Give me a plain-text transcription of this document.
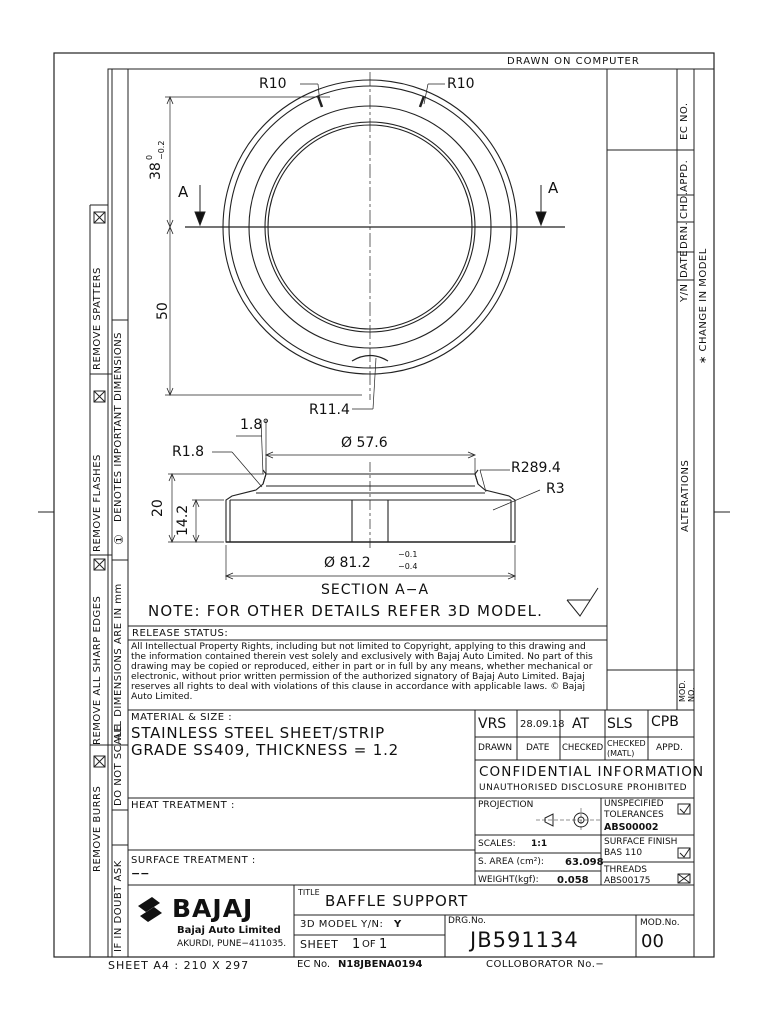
DRAWN ON COMPUTER
REMOVE SPATTERS
REMOVE FLASHES
REMOVE ALL SHARP EDGES
REMOVE BURRS
DENOTES IMPORTANT DIMENSIONS
①
ALL DIMENSIONS ARE IN mm
DO NOT SCALE
IF IN DOUBT ASK
EC NO.
APPD.
CHD.
DRN.
DATE
Y/N ∗ CHANGE IN MODEL
ALTERATIONS
MOD. NO.
R10	R10
38
0 −0.2
A	A
50
R11.4
1.8°
R1.8
Ø 57.6
R289.4
R3
20 14.2
Ø 81.2
−0.1
−0.4
SECTION A−A
NOTE: FOR OTHER DETAILS REFER 3D MODEL.
RELEASE STATUS:
All Intellectual Property Rights, including but not limited to Copyright, applying to this drawing and the information contained therein vest solely and exclusively with Bajaj Auto Limited. No part of this drawing may be copied or reproduced, either in part or in full by any means, whether mechanical or electronic, without prior written permission of the authorized signatory of Bajaj Auto Limited. Bajaj reserves all rights to deal with violations of this clause in accordance with applicable laws. © Bajaj Auto Limited.
MATERIAL & SIZE :
STAINLESS STEEL SHEET/STRIP
GRADE SS409, THICKNESS = 1.2
HEAT TREATMENT :
SURFACE TREATMENT :
−−
VRS 28.09.18 AT SLS CPB
DRAWN DATE CHECKED CHECKED
(MATL)
APPD.
CONFIDENTIAL INFORMATION
UNAUTHORISED DISCLOSURE PROHIBITED
PROJECTION
SCALES: 1:1
S. AREA (cm²): 63.098
WEIGHT(kgf): 0.058
UNSPECIFIED
TOLERANCES
ABS00002
SURFACE FINISH
BAS 110
THREADS
ABS00175
BAJAJ
Bajaj Auto Limited
AKURDI, PUNE−411035.
TITLE BAFFLE SUPPORT
3D MODEL Y/N: Y
SHEET 1 OF 1
DRG.No.
JB591134
MOD.No.
00
SHEET A4 : 210 X 297	EC No. N18JBENA0194	COLLOBORATOR No.−
